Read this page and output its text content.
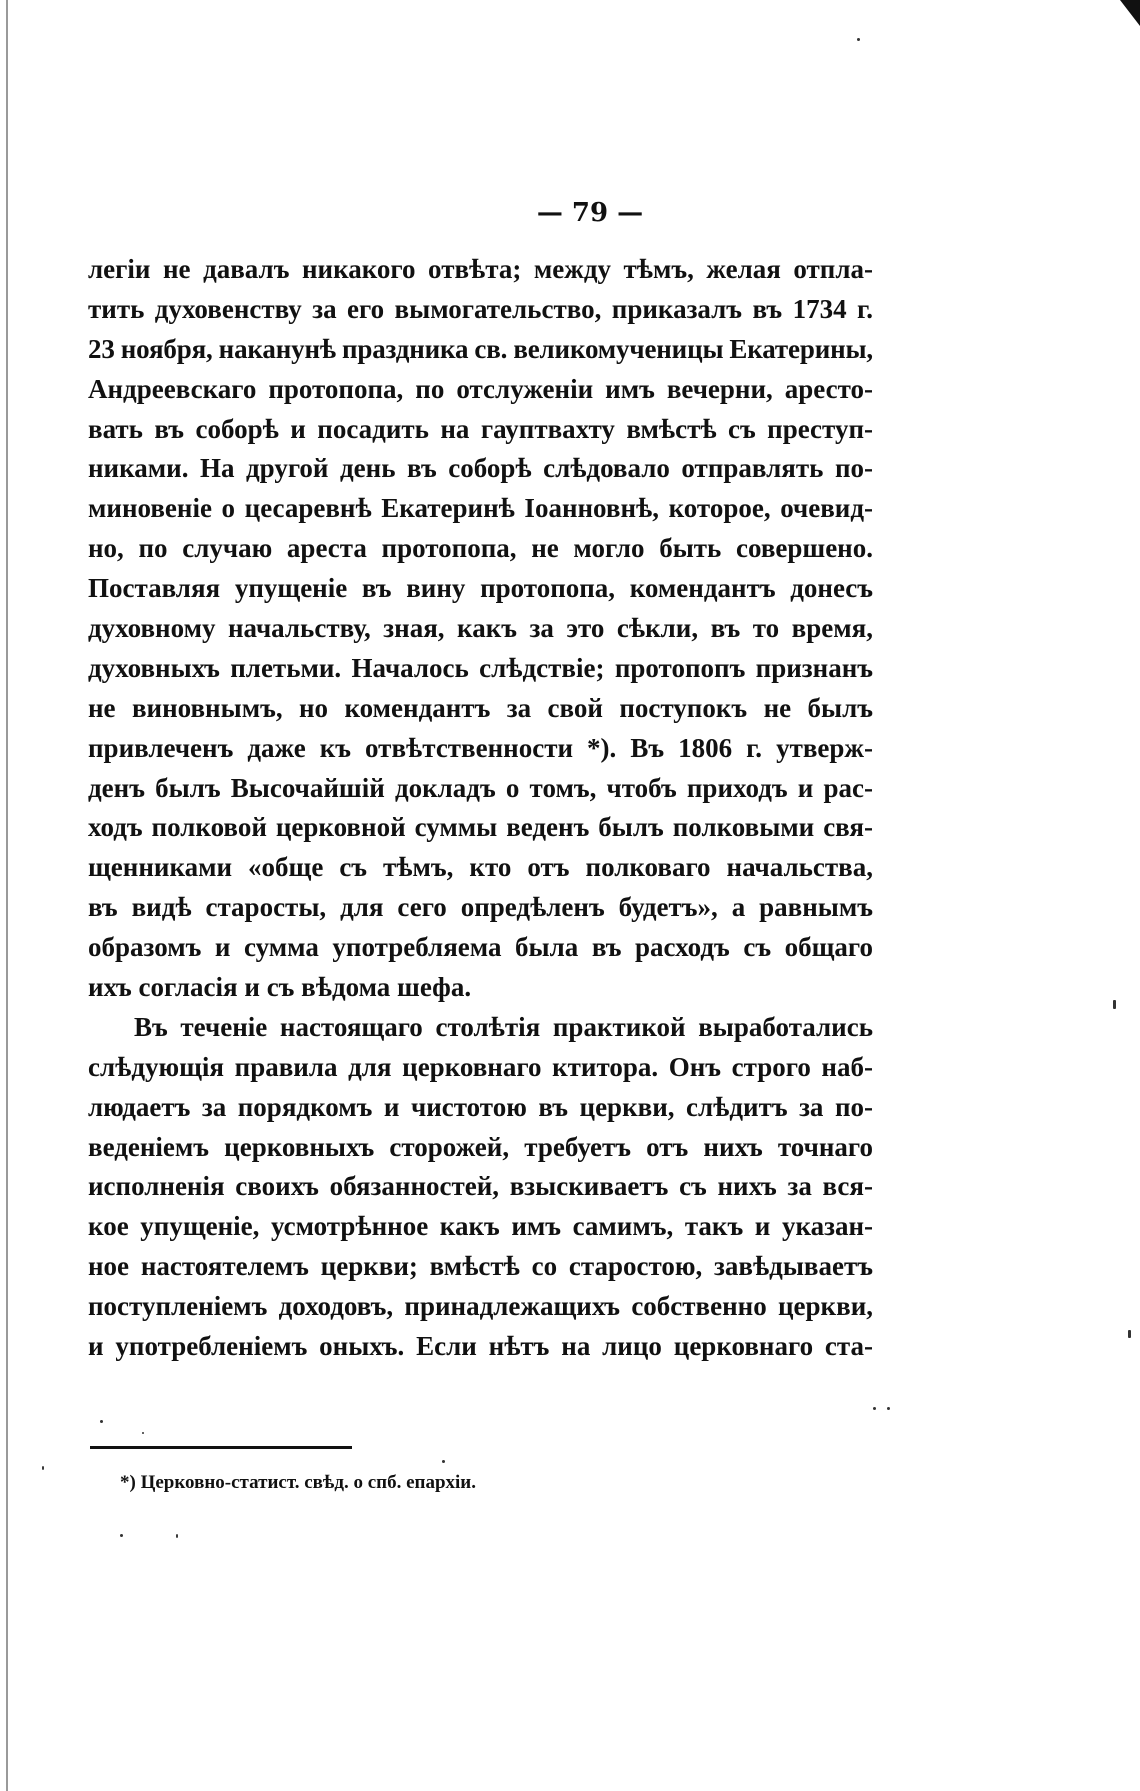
— 79 —
легіи не давалъ никакого отвѣта; между тѣмъ, желая отпла-
тить духовенству за его вымогательство, приказалъ въ 1734 г.
23 ноября, наканунѣ праздника св. великомученицы Екатерины,
Андреевскаго протопопа, по отслуженіи имъ вечерни, аресто-
вать въ соборѣ и посадить на гауптвахту вмѣстѣ съ преступ-
никами. На другой день въ соборѣ слѣдовало отправлять по-
миновеніе о цесаревнѣ Екатеринѣ Іоанновнѣ, которое, очевид-
но, по случаю ареста протопопа, не могло быть совершено.
Поставляя упущеніе въ вину протопопа, комендантъ донесъ
духовному начальству, зная, какъ за это сѣкли, въ то время,
духовныхъ плетьми. Началось слѣдствіе; протопопъ признанъ
не виновнымъ, но комендантъ за свой поступокъ не былъ
привлеченъ даже къ отвѣтственности *). Въ 1806 г. утверж-
денъ былъ Высочайшій докладъ о томъ, чтобъ приходъ и рас-
ходъ полковой церковной суммы веденъ былъ полковыми свя-
щенниками «обще съ тѣмъ, кто отъ полковаго начальства,
въ видѣ старосты, для сего опредѣленъ будетъ», а равнымъ
образомъ и сумма употребляема была въ расходъ съ общаго
ихъ согласія и съ вѣдома шефа.
Въ теченіе настоящаго столѣтія практикой выработались
слѣдующія правила для церковнаго ктитора. Онъ строго наб-
людаетъ за порядкомъ и чистотою въ церкви, слѣдитъ за по-
веденіемъ церковныхъ сторожей, требуетъ отъ нихъ точнаго
исполненія своихъ обязанностей, взыскиваетъ съ нихъ за вся-
кое упущеніе, усмотрѣнное какъ имъ самимъ, такъ и указан-
ное настоятелемъ церкви; вмѣстѣ со старостою, завѣдываетъ
поступленіемъ доходовъ, принадлежащихъ собственно церкви,
и употребленіемъ оныхъ. Если нѣтъ на лицо церковнаго ста-
*) Церковно-статист. свѣд. о спб. епархіи.
